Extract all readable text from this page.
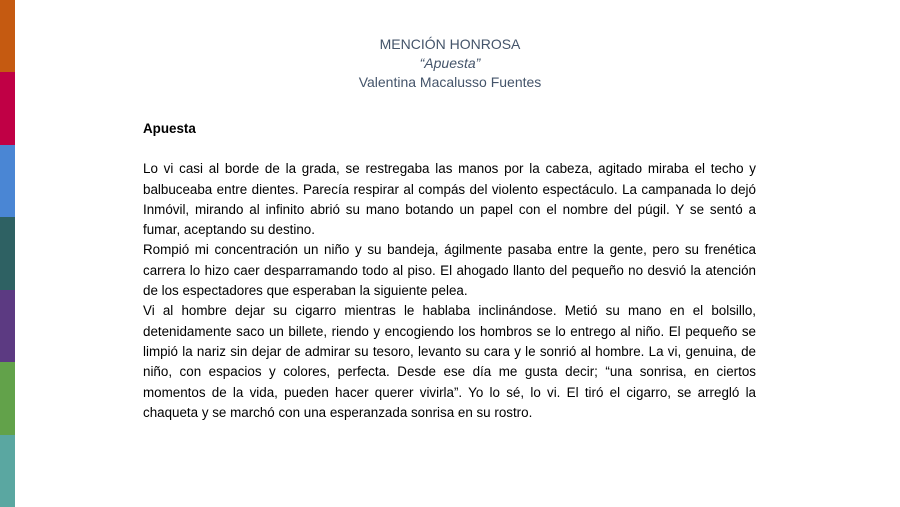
MENCIÓN HONROSA
“Apuesta”
Valentina Macalusso Fuentes
Apuesta

Lo vi casi al borde de la grada, se restregaba las manos por la cabeza, agitado miraba el techo y balbuceaba entre dientes. Parecía respirar al compás del violento espectáculo. La campanada lo dejó Inmóvil, mirando al infinito abrió su mano botando un papel con el nombre del púgil. Y se sentó a fumar, aceptando su destino.

Rompió mi concentración un niño y su bandeja, ágilmente pasaba entre la gente, pero su frenética carrera lo hizo caer desparramando todo al piso. El ahogado llanto del pequeño no desvió la atención de los espectadores que esperaban la siguiente pelea.

Vi al hombre dejar su cigarro mientras le hablaba inclinándose. Metió su mano en el bolsillo, detenidamente saco un billete, riendo y encogiendo los hombros se lo entrego al niño. El pequeño se limpió la nariz sin dejar de admirar su tesoro, levanto su cara y le sonrió al hombre. La vi, genuina, de niño, con espacios y colores, perfecta. Desde ese día me gusta decir; “una sonrisa, en ciertos momentos de la vida, pueden hacer querer vivirla”. Yo lo sé, lo vi. El tiró el cigarro, se arregló la chaqueta y se marchó con una esperanzada sonrisa en su rostro.
